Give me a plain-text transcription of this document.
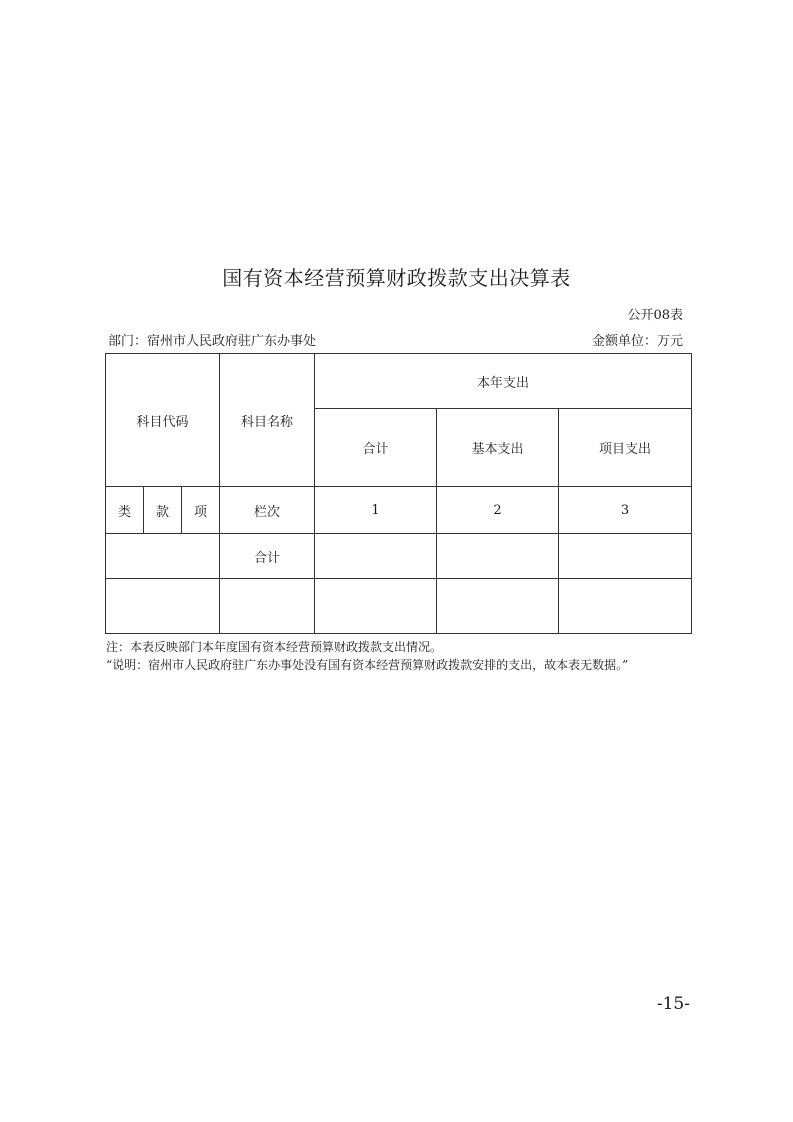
国有资本经营预算财政拨款支出决算表
公开08表
部门：宿州市人民政府驻广东办事处	金额单位：万元
科目代码			科目名称	本年支出		
				合计	基本支出	项目支出
类	款	项	栏次	1	2	3
			合计			

注：本表反映部门本年度国有资本经营预算财政拨款支出情况。
“说明：宿州市人民政府驻广东办事处没有国有资本经营预算财政拨款安排的支出，故本表无数据。”
-15-
